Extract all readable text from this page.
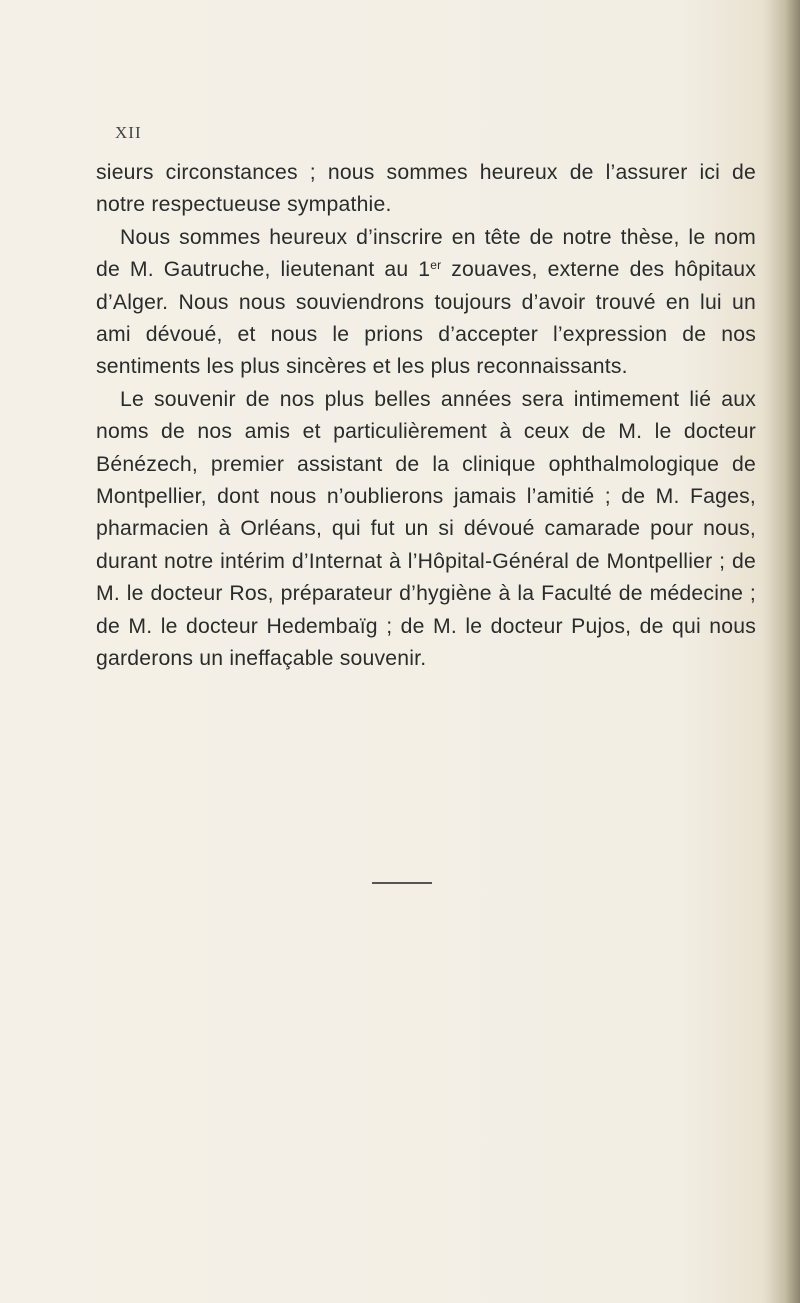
XII

sieurs circonstances ; nous sommes heureux de l’assurer ici de notre respectueuse sympathie.

Nous sommes heureux d’inscrire en tête de notre thèse, le nom de M. Gautruche, lieutenant au 1er zouaves, externe des hôpitaux d’Alger. Nous nous souviendrons toujours d’avoir trouvé en lui un ami dévoué, et nous le prions d’accepter l’expression de nos sentiments les plus sincères et les plus reconnaissants.

Le souvenir de nos plus belles années sera intimement lié aux noms de nos amis et particulièrement à ceux de M. le docteur Bénézech, premier assistant de la clinique ophthalmologique de Montpellier, dont nous n’oublierons jamais l’amitié ; de M. Fages, pharmacien à Orléans, qui fut un si dévoué camarade pour nous, durant notre intérim d’Internat à l’Hôpital-Général de Montpellier ; de M. le docteur Ros, préparateur d’hygiène à la Faculté de médecine ; de M. le docteur Hedembaïg ; de M. le docteur Pujos, de qui nous garderons un ineffaçable souvenir.
